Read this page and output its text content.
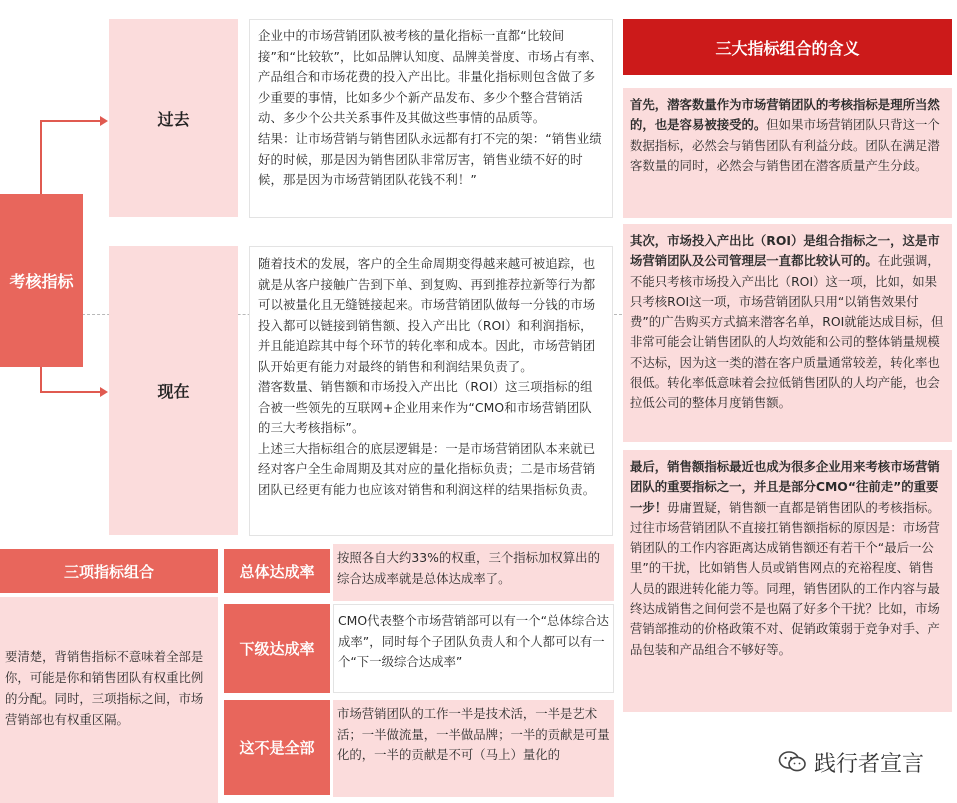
考核指标
过去
现在

企业中的市场营销团队被考核的量化指标一直都“比较间接”和“比较软”，比如品牌认知度、品牌美誉度、市场占有率、产品组合和市场花费的投入产出比。非量化指标则包含做了多少重要的事情，比如多少个新产品发布、多少个整合营销活动、多少个公共关系事件及其做这些事情的品质等。

结果：让市场营销与销售团队永远都有打不完的架：“销售业绩好的时候，那是因为销售团队非常厉害，销售业绩不好的时候，那是因为市场营销团队花钱不利！”

随着技术的发展，客户的全生命周期变得越来越可被追踪，也就是从客户接触广告到下单、到复购、再到推荐拉新等行为都可以被量化且无缝链接起来。市场营销团队做每一分钱的市场投入都可以链接到销售额、投入产出比（ROI）和利润指标，并且能追踪其中每个环节的转化率和成本。因此，市场营销团队开始更有能力对最终的销售和利润结果负责了。

潜客数量、销售额和市场投入产出比（ROI）这三项指标的组合被一些领先的互联网+企业用来作为“CMO和市场营销团队的三大考核指标”。

上述三大指标组合的底层逻辑是：一是市场营销团队本来就已经对客户全生命周期及其对应的量化指标负责；二是市场营销团队已经更有能力也应该对销售和利润这样的结果指标负责。

三项指标组合
要清楚，背销售指标不意味着全部是你，可能是你和销售团队有权重比例的分配。同时，三项指标之间，市场营销部也有权重区隔。
总体达成率
下级达成率
这不是全部
按照各自大约33%的权重，三个指标加权算出的综合达成率就是总体达成率了。
CMO代表整个市场营销部可以有一个“总体综合达成率”，同时每个子团队负责人和个人都可以有一个“下一级综合达成率”
市场营销团队的工作一半是技术活，一半是艺术活；一半做流量，一半做品牌；一半的贡献是可量化的，一半的贡献是不可（马上）量化的
三大指标组合的含义

首先，潜客数量作为市场营销团队的考核指标是理所当然的，也是容易被接受的。但如果市场营销团队只背这一个数据指标，必然会与销售团队有利益分歧。团队在满足潜客数量的同时，必然会与销售团在潜客质量产生分歧。

其次，市场投入产出比（ROI）是组合指标之一，这是市场营销团队及公司管理层一直都比较认可的。在此强调，不能只考核市场投入产出比（ROI）这一项，比如，如果只考核ROI这一项，市场营销团队只用“以销售效果付费”的广告购买方式搞来潜客名单，ROI就能达成目标，但非常可能会让销售团队的人均效能和公司的整体销量规模不达标，因为这一类的潜在客户质量通常较差，转化率也很低。转化率低意味着会拉低销售团队的人均产能，也会拉低公司的整体月度销售额。

最后，销售额指标最近也成为很多企业用来考核市场营销团队的重要指标之一，并且是部分CMO“往前走”的重要一步！毋庸置疑，销售额一直都是销售团队的考核指标。过往市场营销团队不直接扛销售额指标的原因是：市场营销团队的工作内容距离达成销售额还有若干个“最后一公里”的干扰，比如销售人员或销售网点的充裕程度、销售人员的跟进转化能力等。同理，销售团队的工作内容与最终达成销售之间何尝不是也隔了好多个干扰？比如，市场营销部推动的价格政策不对、促销政策弱于竞争对手、产品包装和产品组合不够好等。

践行者宣言
